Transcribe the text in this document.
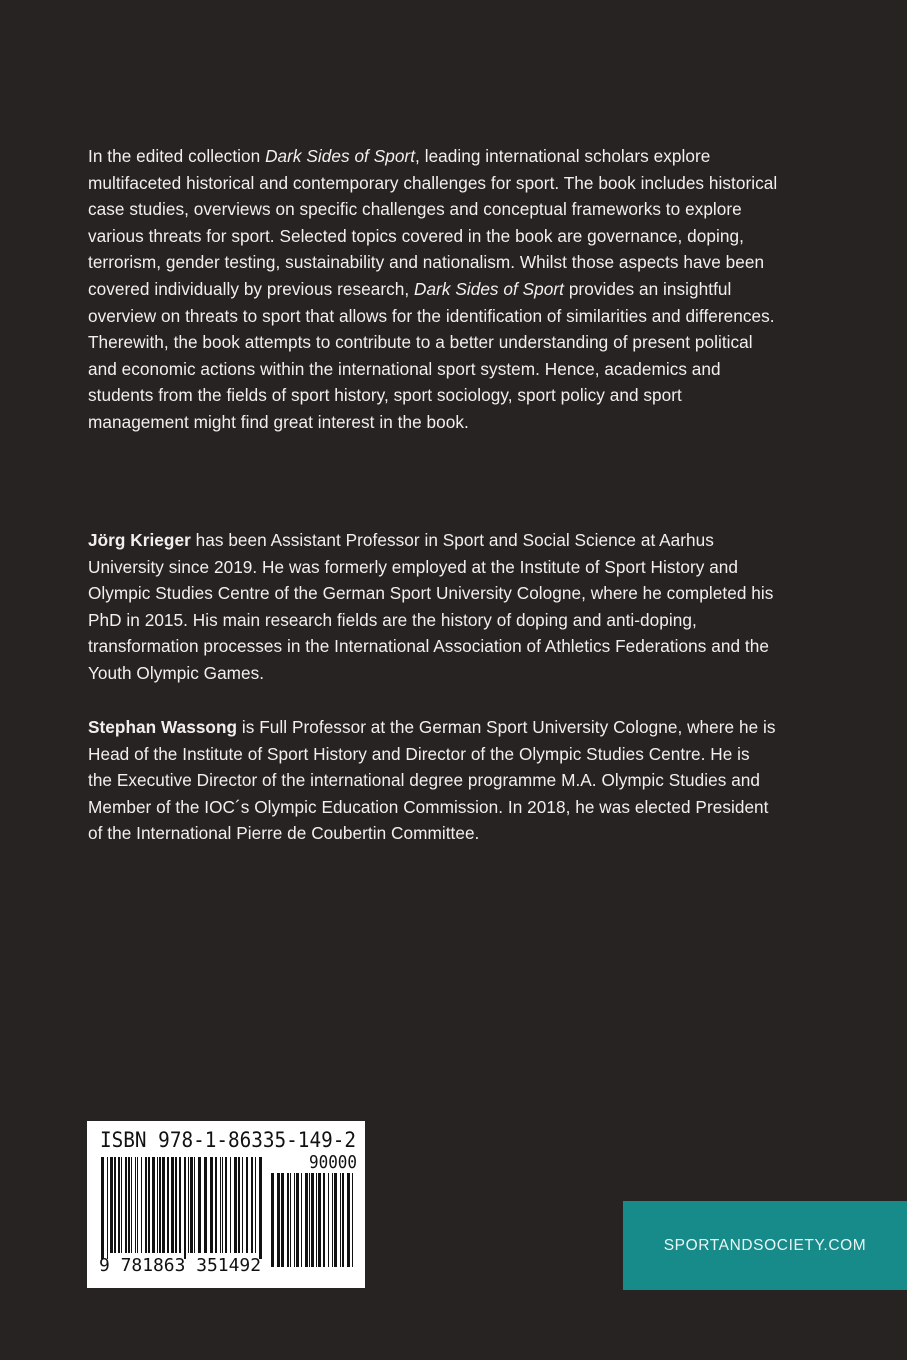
In the edited collection Dark Sides of Sport, leading international scholars explore multifaceted historical and contemporary challenges for sport. The book includes historical case studies, overviews on specific challenges and conceptual frameworks to explore various threats for sport. Selected topics covered in the book are governance, doping, terrorism, gender testing, sustainability and nationalism. Whilst those aspects have been covered individually by previous research, Dark Sides of Sport provides an insightful overview on threats to sport that allows for the identification of similarities and differences. Therewith, the book attempts to contribute to a better understanding of present political and economic actions within the international sport system. Hence, academics and students from the fields of sport history, sport sociology, sport policy and sport management might find great interest in the book.

Jörg Krieger has been Assistant Professor in Sport and Social Science at Aarhus University since 2019. He was formerly employed at the Institute of Sport History and Olympic Studies Centre of the German Sport University Cologne, where he completed his PhD in 2015. His main research fields are the history of doping and anti-doping, transformation processes in the International Association of Athletics Federations and the Youth Olympic Games.

Stephan Wassong is Full Professor at the German Sport University Cologne, where he is Head of the Institute of Sport History and Director of the Olympic Studies Centre. He is the Executive Director of the international degree programme M.A. Olympic Studies and Member of the IOC´s Olympic Education Commission. In 2018, he was elected President of the International Pierre de Coubertin Committee.

ISBN 978-1-86335-149-2
90000
9 781863 351492
SPORTANDSOCIETY.COM
